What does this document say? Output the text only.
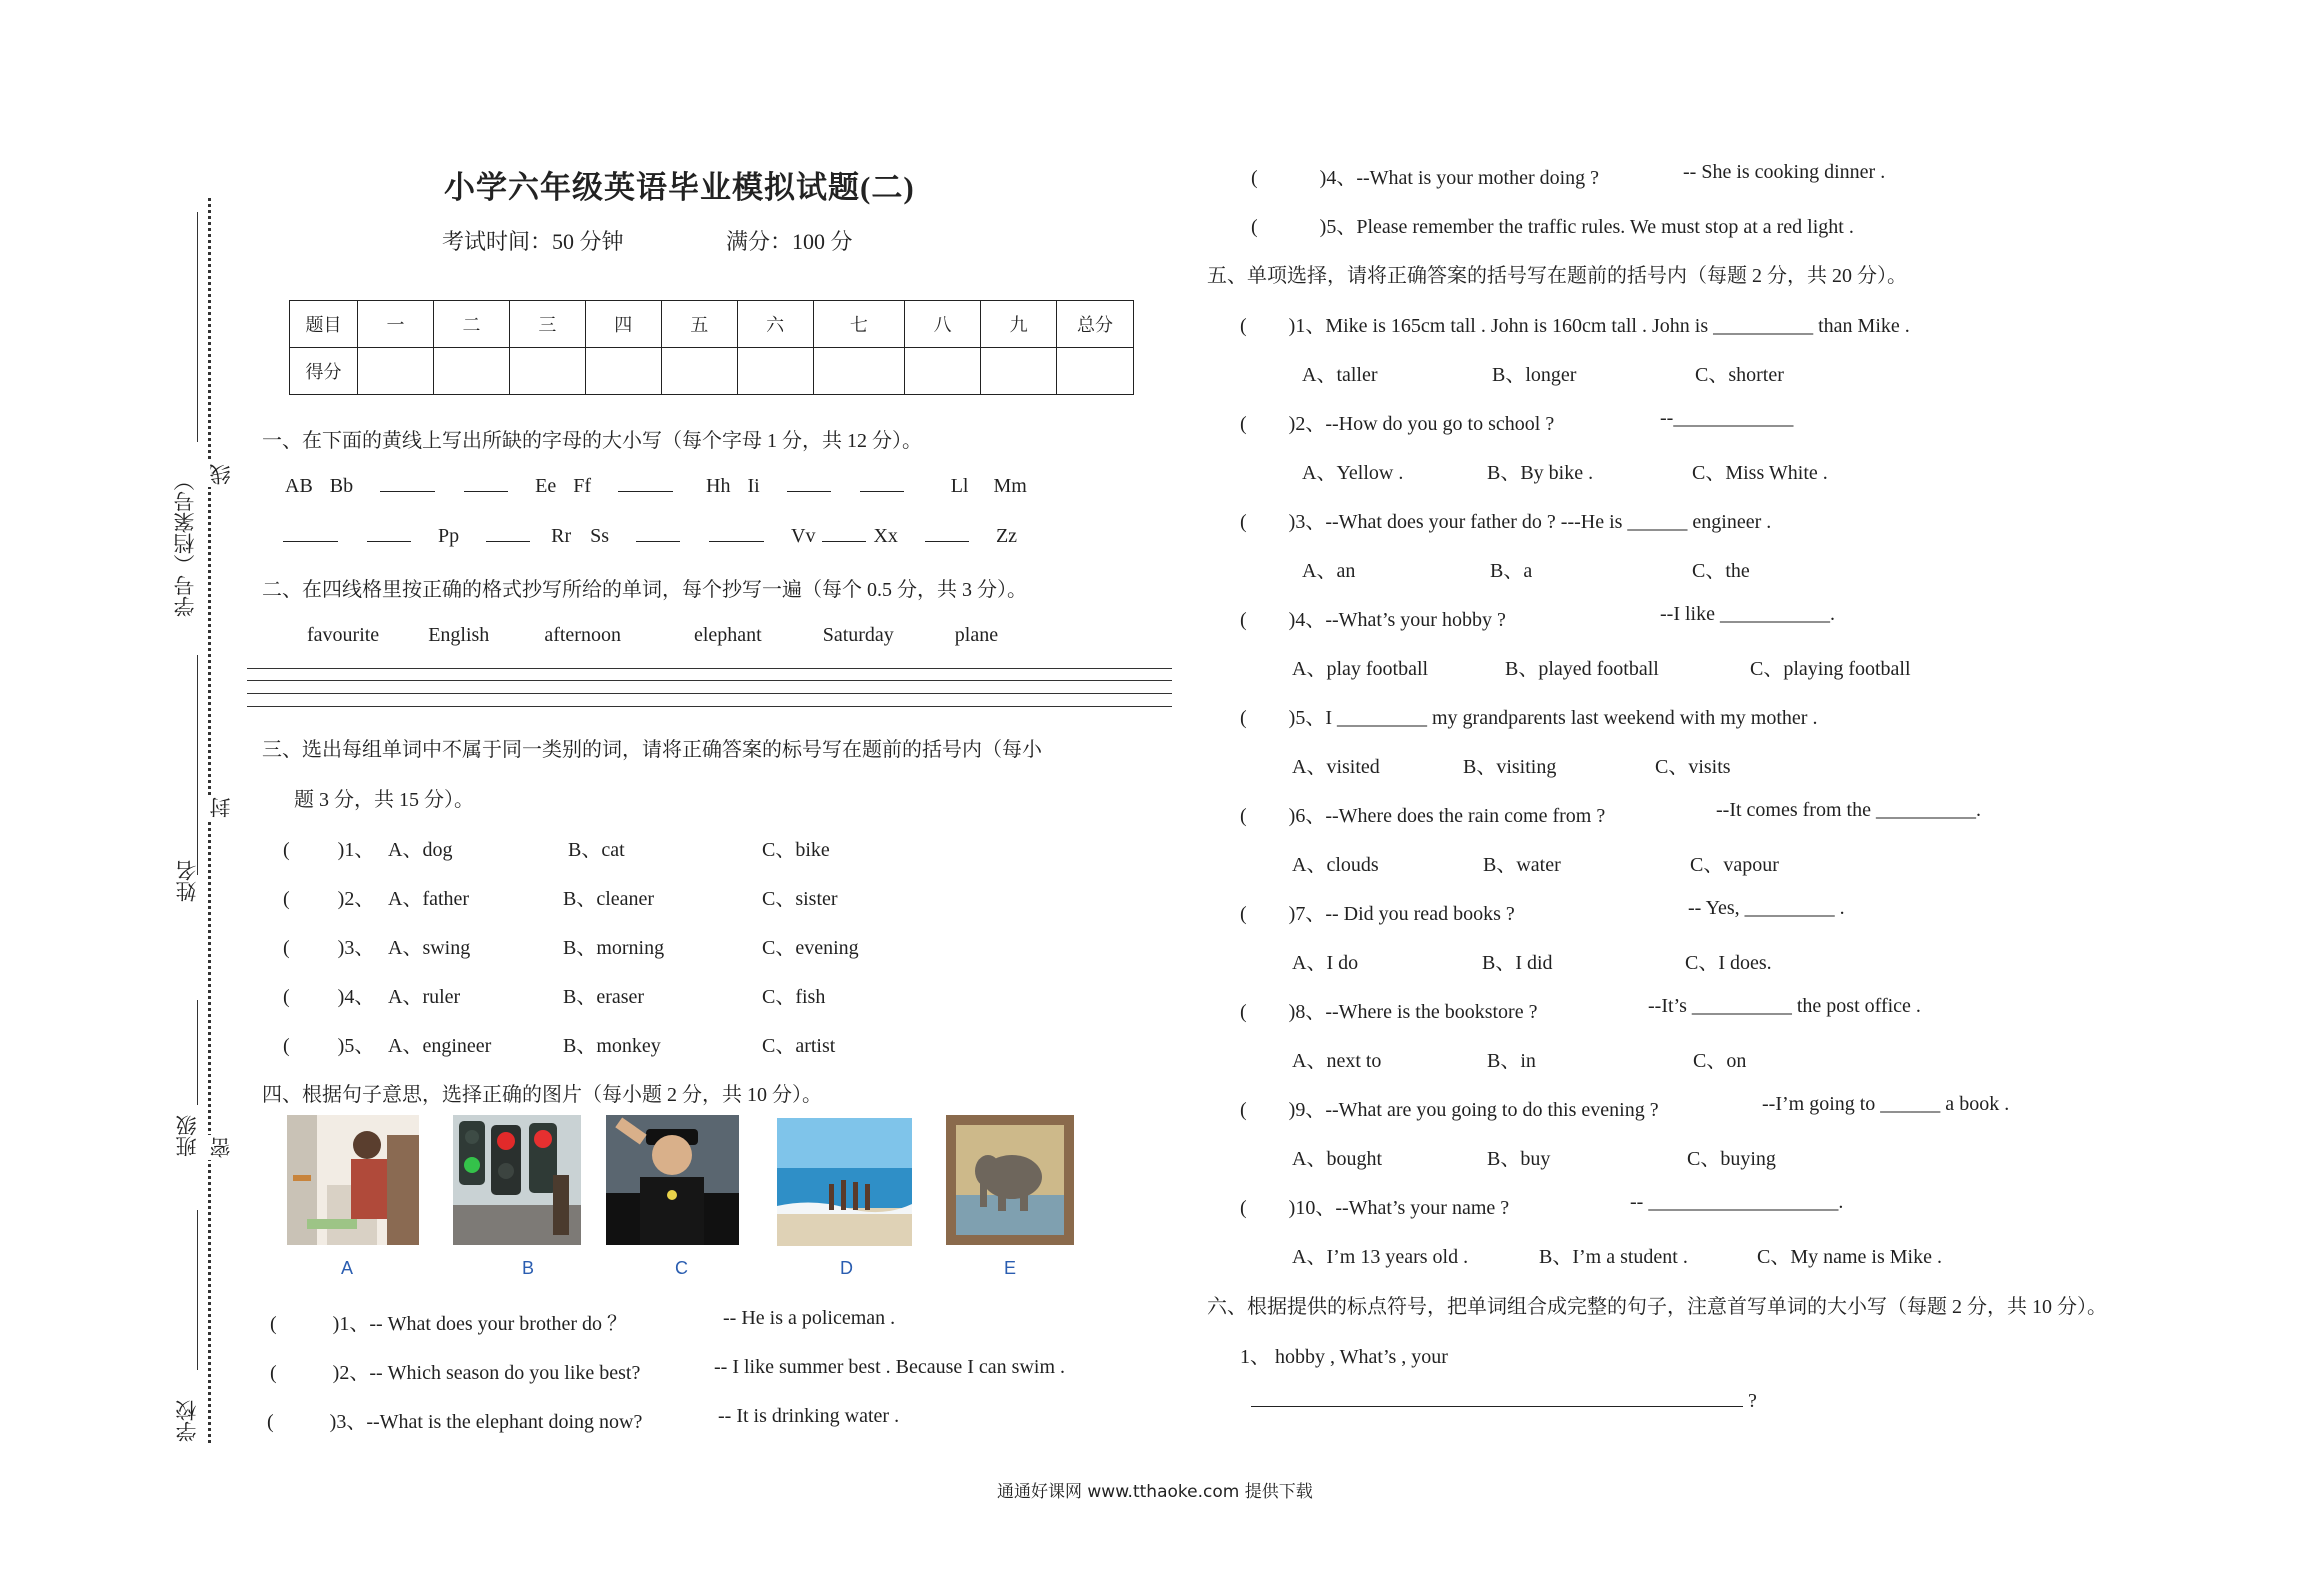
学号（档案号）
姓名
班级
学校
线
封
密
小学六年级英语毕业模拟试题(二)
考试时间：50 分钟	满分：100 分
题目	一	二	三	四	五	六	七	八	九	总分
得分										
一、在下面的黄线上写出所缺的字母的大小写（每个字母 1 分，共 12 分）。
AB Bb	Ee Ff	Hh Ii	Ll Mm
Pp	Rr Ss	Vv	Xx	Zz
二、在四线格里按正确的格式抄写所给的单词，每个抄写一遍（每个 0.5 分，共 3 分）。
favourite English	afternoon	elephant	Saturday	plane
三、选出每组单词中不属于同一类别的词，请将正确答案的标号写在题前的括号内（每小
题 3 分，共 15 分）。
( )1、 A、dog	B、cat	C、bike
( )2、 A、father	B、cleaner	C、sister
( )3、 A、swing	B、morning	C、evening
( )4、 A、ruler	B、eraser	C、fish
( )5、 A、engineer	B、monkey	C、artist
四、根据句子意思，选择正确的图片（每小题 2 分，共 10 分）。
A	B	C	D	E
(	)1、-- What does your brother do ？	-- He is a policeman .
(	)2、-- Which season do you like best?	-- I like summer best . Because I can swim .
(	)3、--What is the elephant doing now?	-- It is drinking water .
(	)4、--What is your mother doing ?	-- She is cooking dinner .
(	)5、Please remember the traffic rules. We must stop at a red light .
五、单项选择，请将正确答案的括号写在题前的括号内（每题 2 分，共 20 分）。
( )1、Mike is 165cm tall . John is 160cm tall . John is __________ than Mike .
A、taller	B、longer	C、shorter
( )2、--How do you go to school ?	--____________
A、Yellow .	B、By bike .	C、Miss White .
( )3、--What does your father do ? ---He is ______ engineer .
A、an	B、a	C、the
( )4、--What’s your hobby ?	--I like ___________.
A、play football	B、played football	C、playing football
( )5、I _________ my grandparents last weekend with my mother .
A、visited	B、visiting	C、visits
( )6、--Where does the rain come from ?	--It comes from the __________.
A、clouds	B、water	C、vapour
( )7、-- Did you read books ?	-- Yes, _________ .
A、I do	B、I did	C、I does.
( )8、--Where is the bookstore ?	--It’s __________ the post office .
A、next to	B、in	C、on
( )9、--What are you going to do this evening ?	--I’m going to ______ a book .
A、bought	B、buy	C、buying
( )10、--What’s your name ?	-- ___________________.
A、I’m 13 years old .	B、I’m a student .	C、My name is Mike .
六、根据提供的标点符号，把单词组合成完整的句子，注意首写单词的大小写（每题 2 分，共 10 分）。
1、 hobby , What’s , your
?
通通好课网 www.tthaoke.com 提供下载
